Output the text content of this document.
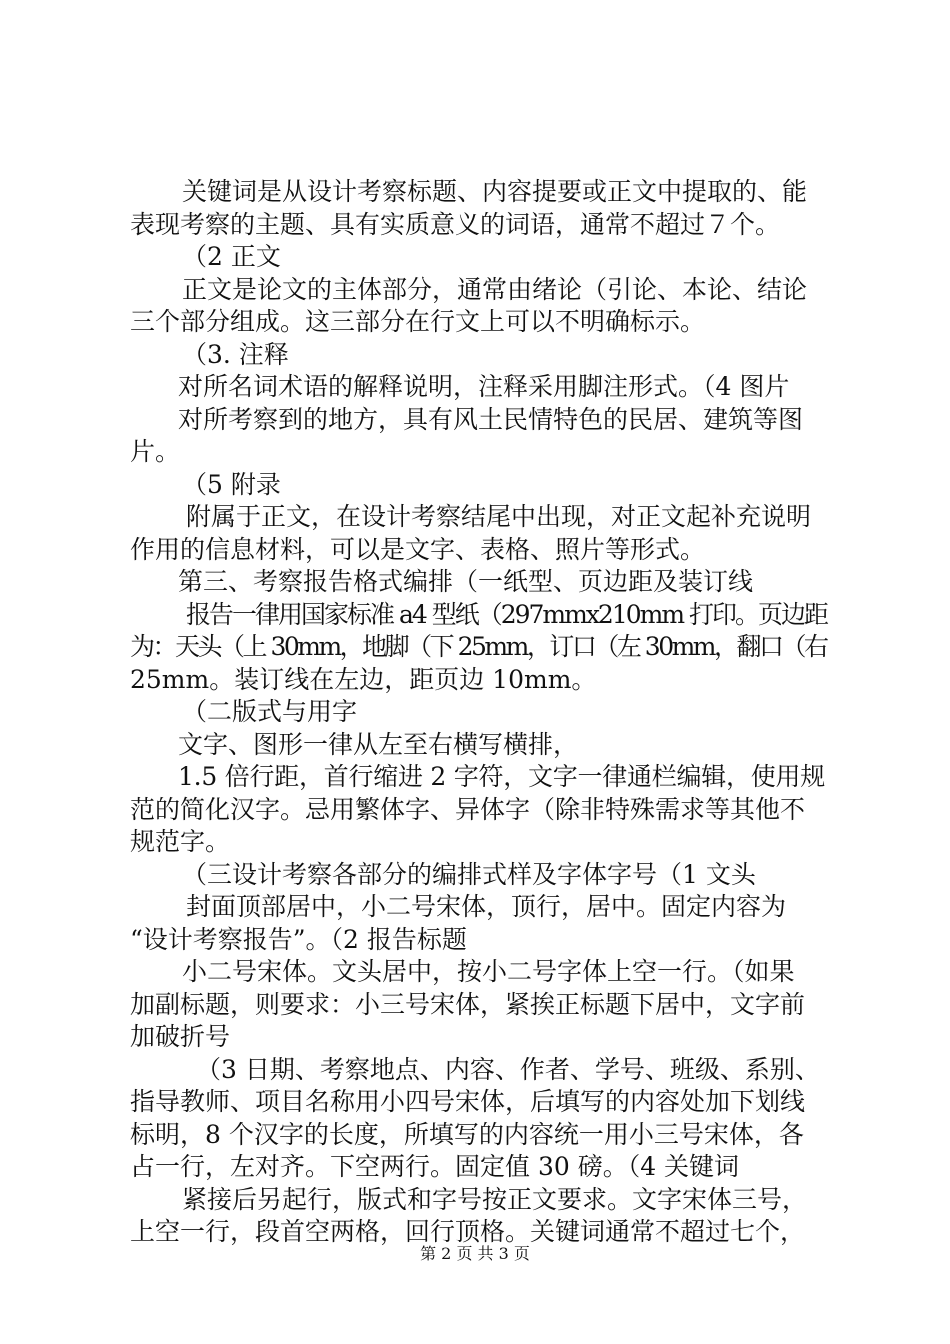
关键词是从设计考察标题、内容提要或正文中提取的、能
表现考察的主题、具有实质意义的词语，通常不超过７个。
（2 正文
正文是论文的主体部分，通常由绪论（引论、本论、结论
三个部分组成。这三部分在行文上可以不明确标示。
（3. 注释
对所名词术语的解释说明，注释采用脚注形式。（4 图片
对所考察到的地方，具有风土民情特色的民居、建筑等图
片。
（5 附录
附属于正文，在设计考察结尾中出现，对正文起补充说明
作用的信息材料，可以是文字、表格、照片等形式。
第三、考察报告格式编排（一纸型、页边距及装订线
报告一律用国家标准 a4 型纸（297mmx210mm 打印。页边距
为：天头（上 30mm，地脚（下 25mm，订口（左 30mm，翻口（右
25mm。装订线在左边，距页边 10mm。
（二版式与用字
文字、图形一律从左至右横写横排，
1.5 倍行距，首行缩进 2 字符，文字一律通栏编辑，使用规
范的简化汉字。忌用繁体字、异体字（除非特殊需求等其他不
规范字。
（三设计考察各部分的编排式样及字体字号（1 文头
封面顶部居中，小二号宋体，顶行，居中。固定内容为
“设计考察报告”。（2 报告标题
小二号宋体。文头居中，按小二号字体上空一行。（如果
加副标题，则要求：小三号宋体，紧挨正标题下居中，文字前
加破折号
（3 日期、考察地点、内容、作者、学号、班级、系别、
指导教师、项目名称用小四号宋体，后填写的内容处加下划线
标明，8 个汉字的长度，所填写的内容统一用小三号宋体，各
占一行，左对齐。下空两行。固定值 30 磅。（4 关键词
紧接后另起行，版式和字号按正文要求。文字宋体三号，
上空一行，段首空两格，回行顶格。关键词通常不超过七个，
第 2 页 共 3 页
